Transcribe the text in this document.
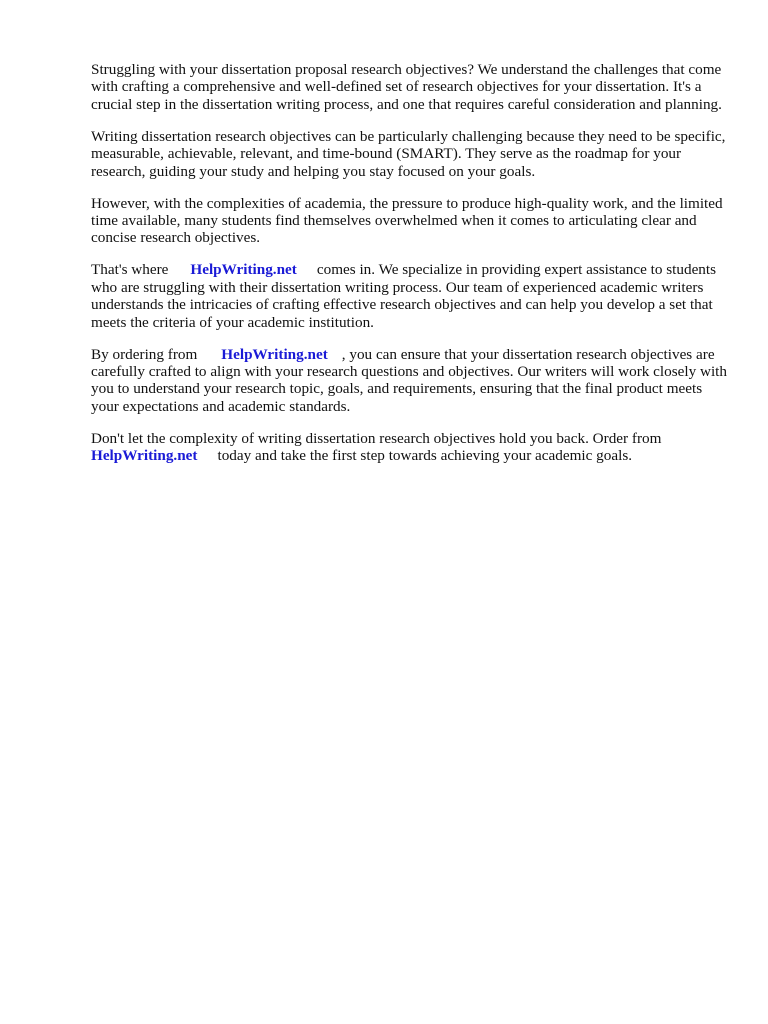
Struggling with your dissertation proposal research objectives? We understand the challenges that come with crafting a comprehensive and well-defined set of research objectives for your dissertation. It's a crucial step in the dissertation writing process, and one that requires careful consideration and planning.

Writing dissertation research objectives can be particularly challenging because they need to be specific, measurable, achievable, relevant, and time-bound (SMART). They serve as the roadmap for your research, guiding your study and helping you stay focused on your goals.

However, with the complexities of academia, the pressure to produce high-quality work, and the limited time available, many students find themselves overwhelmed when it comes to articulating clear and concise research objectives.

That's where HelpWriting.net comes in. We specialize in providing expert assistance to students who are struggling with their dissertation writing process. Our team of experienced academic writers understands the intricacies of crafting effective research objectives and can help you develop a set that meets the criteria of your academic institution.

By ordering from HelpWriting.net , you can ensure that your dissertation research objectives are carefully crafted to align with your research questions and objectives. Our writers will work closely with you to understand your research topic, goals, and requirements, ensuring that the final product meets your expectations and academic standards.

Don't let the complexity of writing dissertation research objectives hold you back. Order from HelpWriting.net today and take the first step towards achieving your academic goals.
